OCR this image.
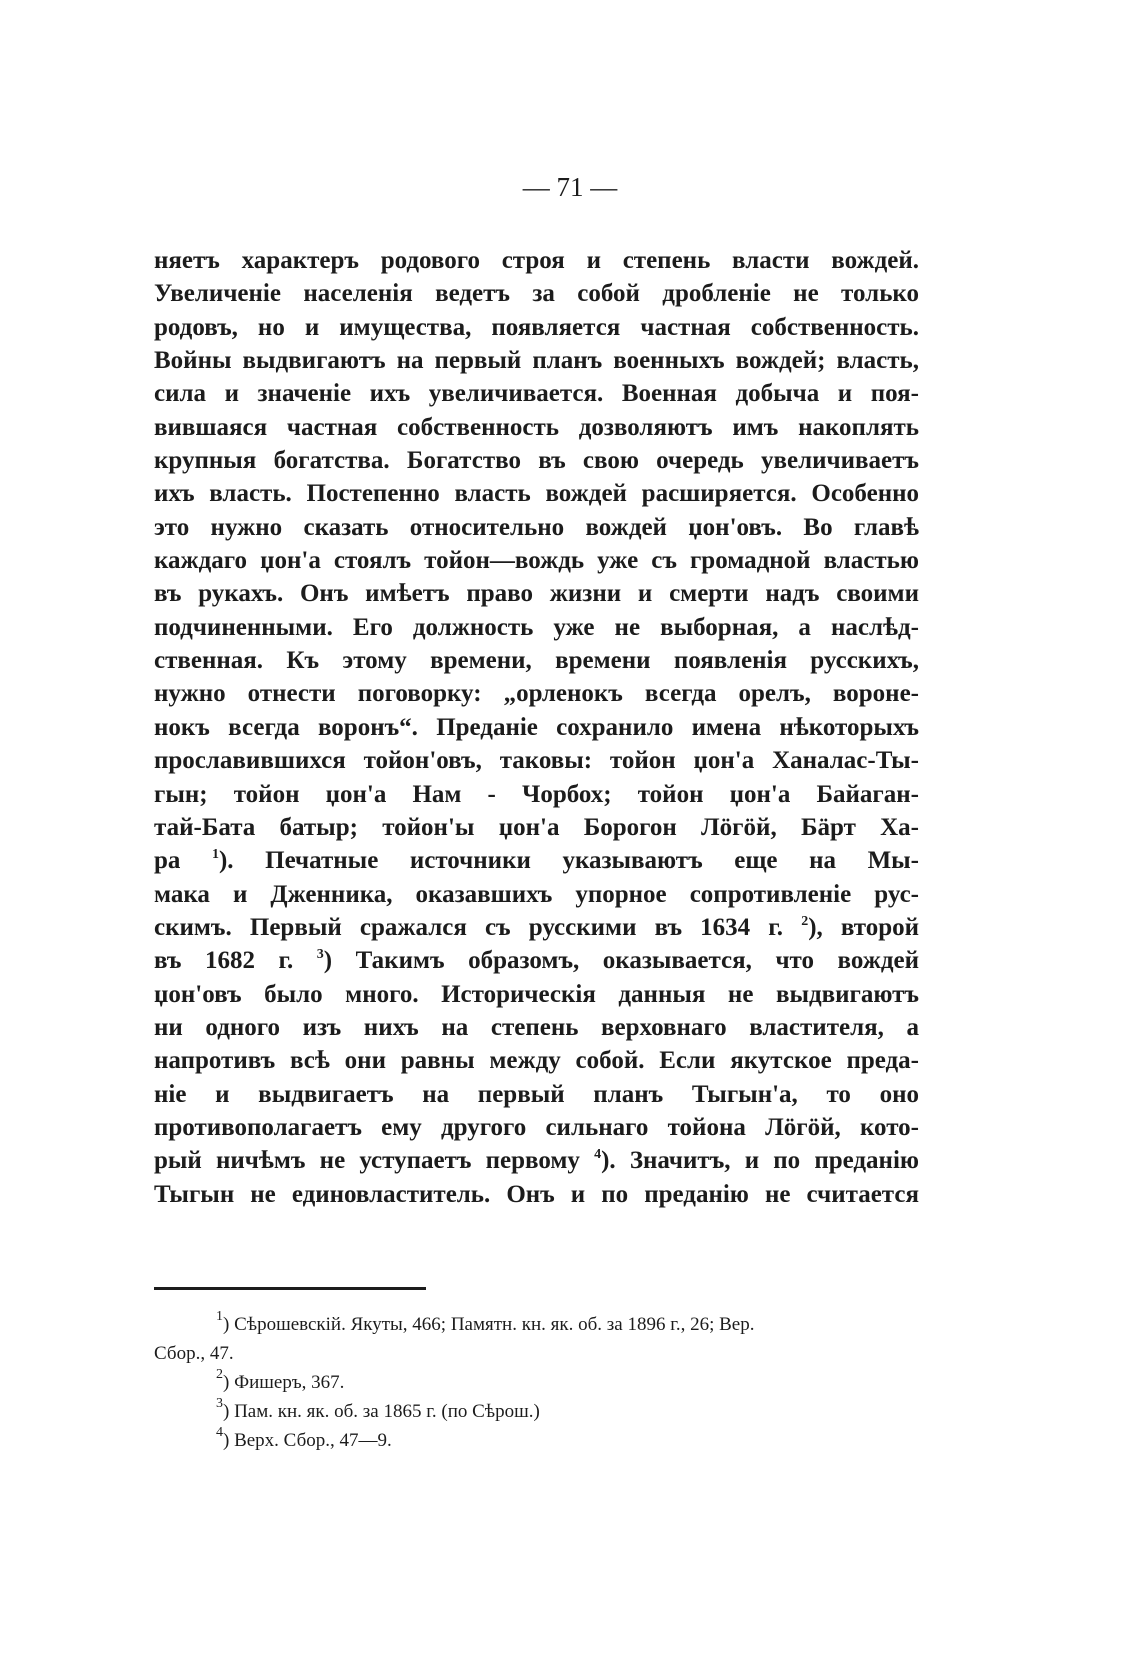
— 71 —
няетъ характеръ родового строя и степень власти вождей.
Увеличеніе населенія ведетъ за собой дробленіе не только
родовъ, но и имущества, появляется частная собственность.
Войны выдвигаютъ на первый планъ военныхъ вождей; власть,
сила и значеніе ихъ увеличивается. Военная добыча и поя-
вившаяся частная собственность дозволяютъ имъ накоплять
крупныя богатства. Богатство въ свою очередь увеличиваетъ
ихъ власть. Постепенно власть вождей расширяется. Особенно
это нужно сказать относительно вождей џон'овъ. Во главѣ
каждаго џон'а стоялъ тойон—вождь уже съ громадной властью
въ рукахъ. Онъ имѣетъ право жизни и смерти надъ своими
подчиненными. Его должность уже не выборная, а наслѣд-
ственная. Къ этому времени, времени появленія русскихъ,
нужно отнести поговорку: „орленокъ всегда орелъ, вороне-
нокъ всегда воронъ“. Преданіе сохранило имена нѣкоторыхъ
прославившихся тойон'овъ, таковы: тойон џон'а Ханалас-Ты-
гын; тойон џон'а Нам - Чорбох; тойон џон'а Байаган-
тай-Бата батыр; тойон'ы џон'а Борогон Лӧгӧй, Бӓрт Ха-
ра $^1$). Печатные источники указываютъ еще на Мы-
мака и Дженника, оказавшихъ упорное сопротивленіе рус-
скимъ. Первый сражался съ русскими въ 1634 г. $^2$), второй
въ 1682 г. $^3$) Такимъ образомъ, оказывается, что вождей
џон'овъ было много. Историческія данныя не выдвигаютъ
ни одного изъ нихъ на степень верховнаго властителя, а
напротивъ всѣ они равны между собой. Если якутское преда-
ніе и выдвигаетъ на первый планъ Тыгын'а, то оно
противополагаетъ ему другого сильнаго тойона Лӧгӧй, кото-
рый ничѣмъ не уступаетъ первому $^4$). Значитъ, и по преданію
Тыгын не единовластитель. Онъ и по преданію не считается
$^1$) Сѣрошевскій. Якуты, 466; Памятн. кн. як. об. за 1896 г., 26; Вер.
Сбор., 47.
$^2$) Фишеръ, 367.
$^3$) Пам. кн. як. об. за 1865 г. (по Сѣрош.)
$^4$) Верх. Сбор., 47—9.
